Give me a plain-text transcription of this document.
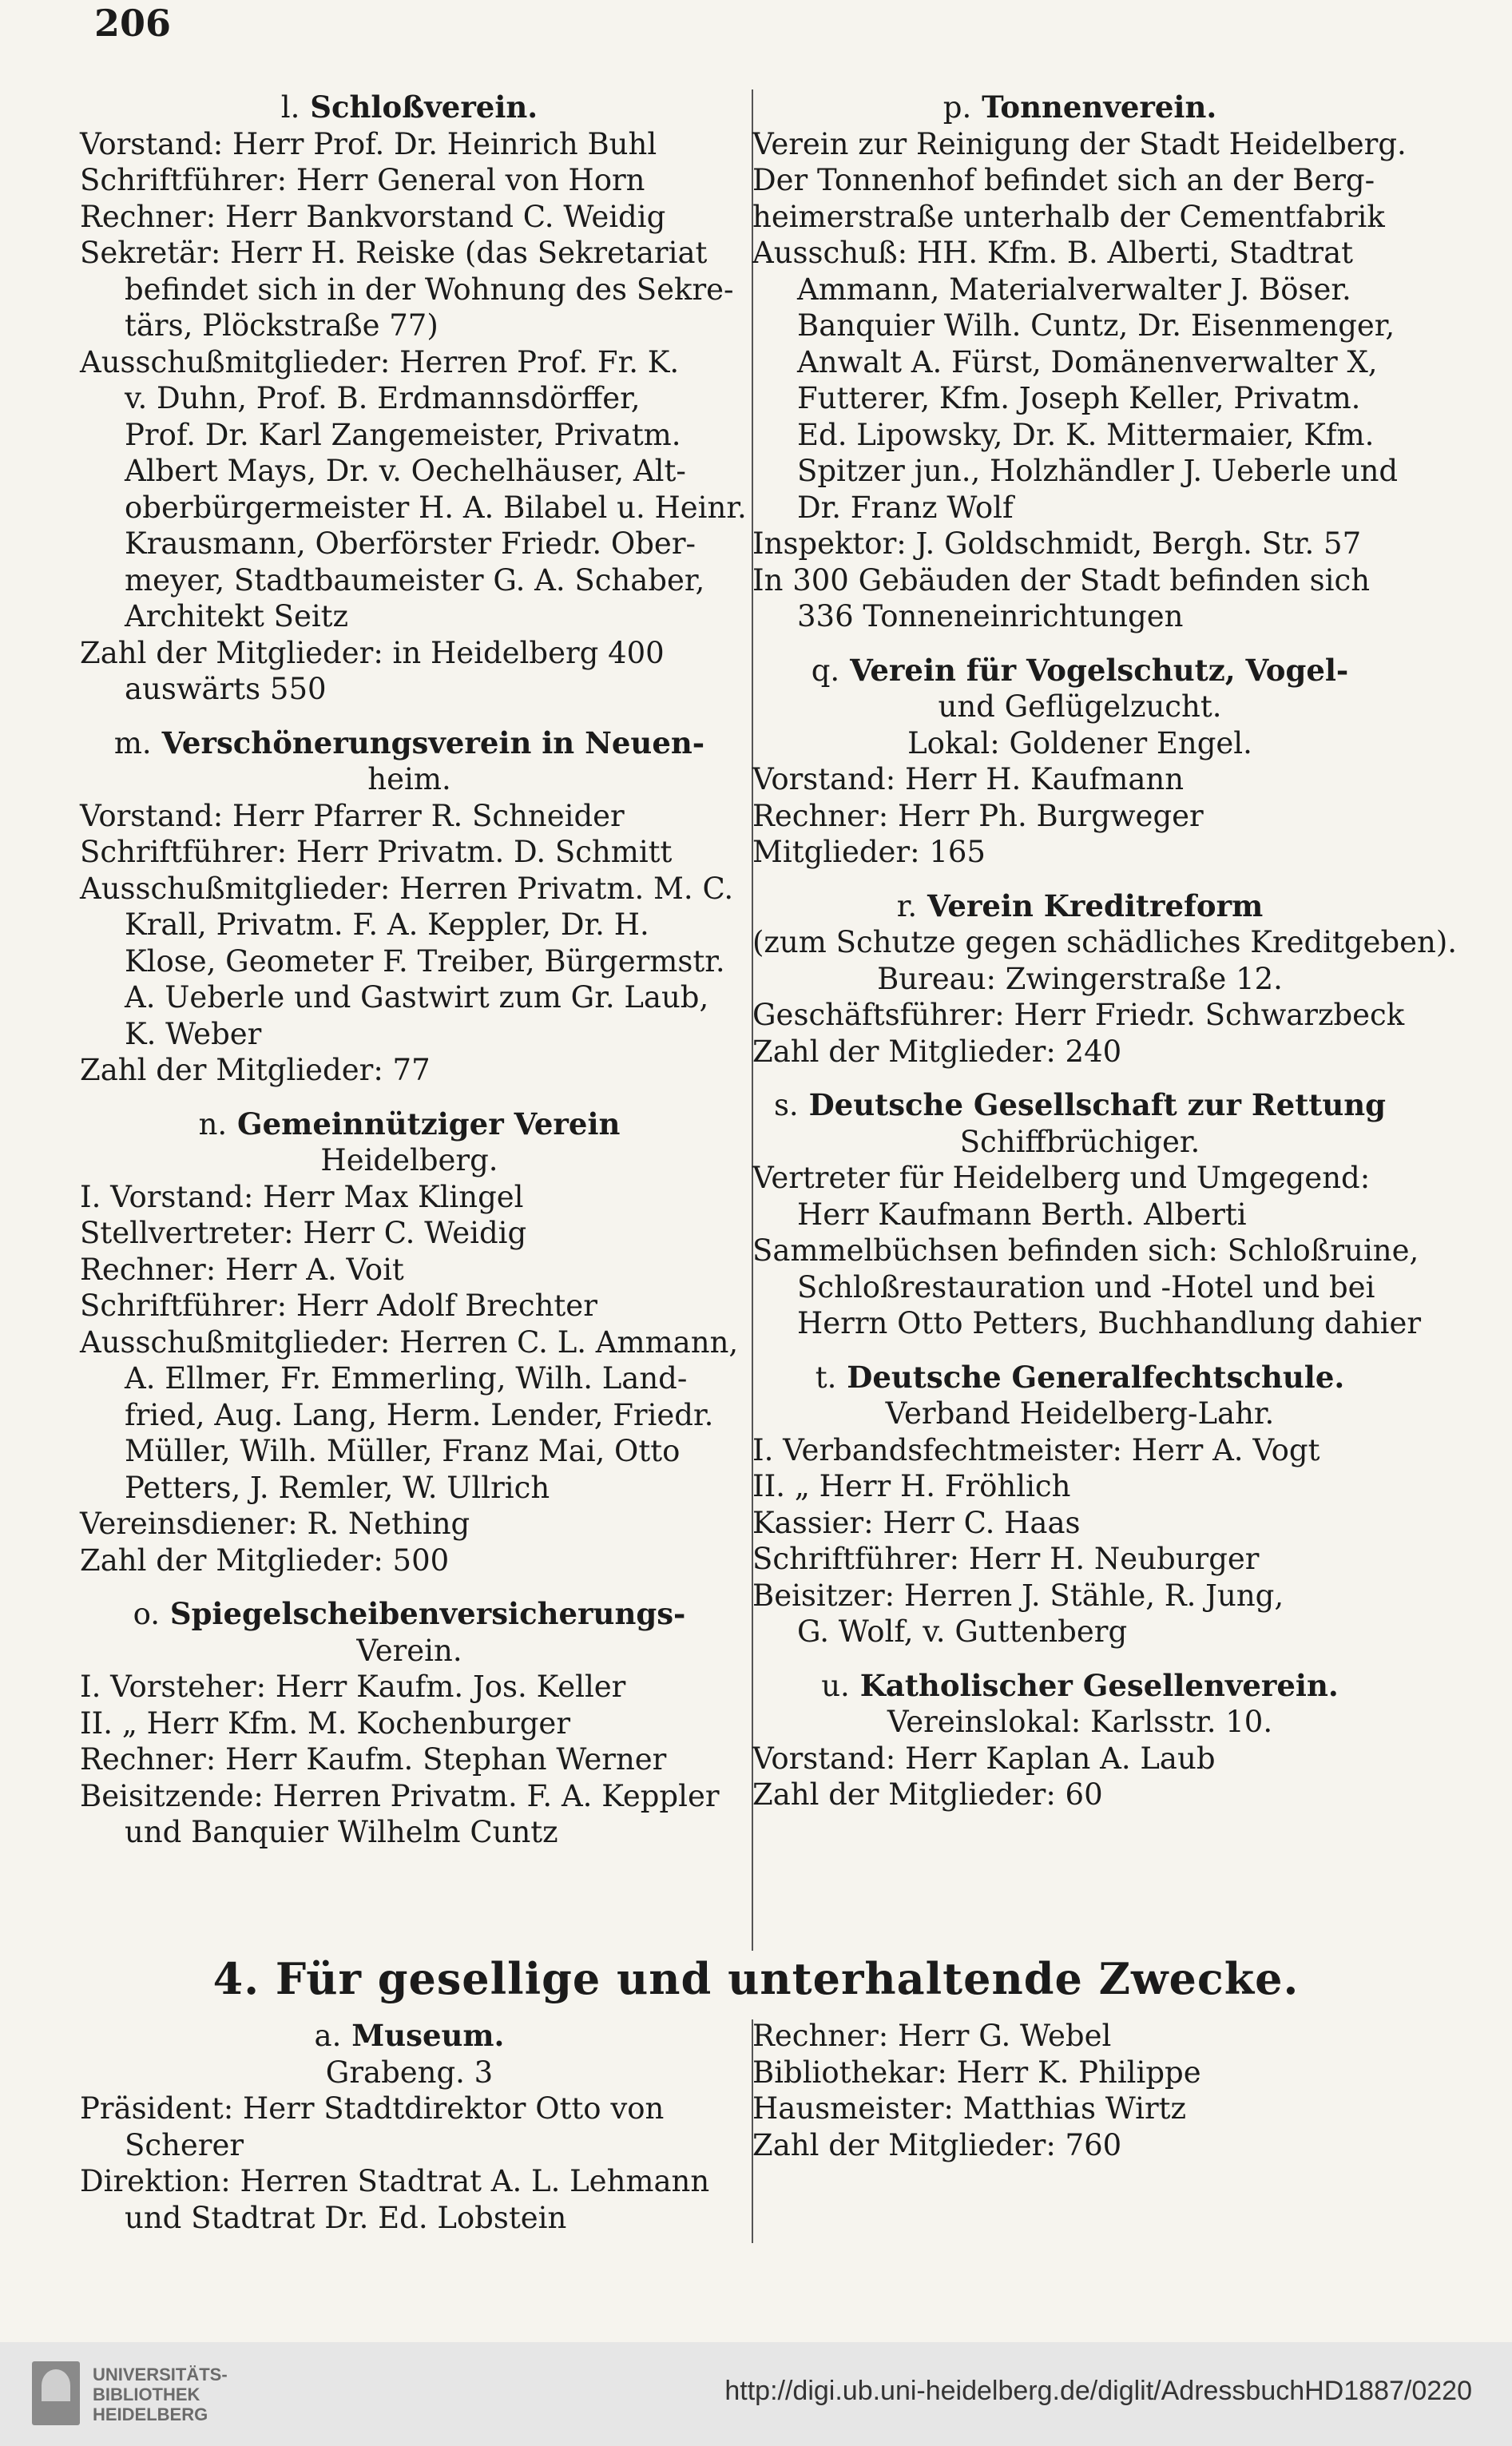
206
l. Schloßverein.
Vorstand: Herr Prof. Dr. Heinrich Buhl
Schriftführer: Herr General von Horn
Rechner: Herr Bankvorstand C. Weidig
Sekretär: Herr H. Reiske (das Sekretariat
befindet sich in der Wohnung des Sekre-
tärs, Plöckstraße 77)
Ausschußmitglieder: Herren Prof. Fr. K.
v. Duhn, Prof. B. Erdmannsdörffer,
Prof. Dr. Karl Zangemeister, Privatm.
Albert Mays, Dr. v. Oechelhäuser, Alt-
oberbürgermeister H. A. Bilabel u. Heinr.
Krausmann, Oberförster Friedr. Ober-
meyer, Stadtbaumeister G. A. Schaber,
Architekt Seitz
Zahl der Mitglieder: in Heidelberg 400
auswärts 550
m. Verschönerungsverein in Neuen-
heim.
Vorstand: Herr Pfarrer R. Schneider
Schriftführer: Herr Privatm. D. Schmitt
Ausschußmitglieder: Herren Privatm. M. C.
Krall, Privatm. F. A. Keppler, Dr. H.
Klose, Geometer F. Treiber, Bürgermstr.
A. Ueberle und Gastwirt zum Gr. Laub,
K. Weber
Zahl der Mitglieder: 77
n. Gemeinnütziger Verein
Heidelberg.
I. Vorstand: Herr Max Klingel
Stellvertreter: Herr C. Weidig
Rechner: Herr A. Voit
Schriftführer: Herr Adolf Brechter
Ausschußmitglieder: Herren C. L. Ammann,
A. Ellmer, Fr. Emmerling, Wilh. Land-
fried, Aug. Lang, Herm. Lender, Friedr.
Müller, Wilh. Müller, Franz Mai, Otto
Petters, J. Remler, W. Ullrich
Vereinsdiener: R. Nething
Zahl der Mitglieder: 500
o. Spiegelscheibenversicherungs-
Verein.
I. Vorsteher: Herr Kaufm. Jos. Keller
II. „ Herr Kfm. M. Kochenburger
Rechner: Herr Kaufm. Stephan Werner
Beisitzende: Herren Privatm. F. A. Keppler
und Banquier Wilhelm Cuntz
p. Tonnenverein.
Verein zur Reinigung der Stadt Heidelberg.
Der Tonnenhof befindet sich an der Berg-
heimerstraße unterhalb der Cementfabrik
Ausschuß: HH. Kfm. B. Alberti, Stadtrat
Ammann, Materialverwalter J. Böser.
Banquier Wilh. Cuntz, Dr. Eisenmenger,
Anwalt A. Fürst, Domänenverwalter X,
Futterer, Kfm. Joseph Keller, Privatm.
Ed. Lipowsky, Dr. K. Mittermaier, Kfm.
Spitzer jun., Holzhändler J. Ueberle und
Dr. Franz Wolf
Inspektor: J. Goldschmidt, Bergh. Str. 57
In 300 Gebäuden der Stadt befinden sich
336 Tonneneinrichtungen
q. Verein für Vogelschutz, Vogel-
und Geflügelzucht.
Lokal: Goldener Engel.
Vorstand: Herr H. Kaufmann
Rechner: Herr Ph. Burgweger
Mitglieder: 165
r. Verein Kreditreform
(zum Schutze gegen schädliches Kreditgeben).
Bureau: Zwingerstraße 12.
Geschäftsführer: Herr Friedr. Schwarzbeck
Zahl der Mitglieder: 240
s. Deutsche Gesellschaft zur Rettung
Schiffbrüchiger.
Vertreter für Heidelberg und Umgegend:
Herr Kaufmann Berth. Alberti
Sammelbüchsen befinden sich: Schloßruine,
Schloßrestauration und -Hotel und bei
Herrn Otto Petters, Buchhandlung dahier
t. Deutsche Generalfechtschule.
Verband Heidelberg-Lahr.
I. Verbandsfechtmeister: Herr A. Vogt
II. „ Herr H. Fröhlich
Kassier: Herr C. Haas
Schriftführer: Herr H. Neuburger
Beisitzer: Herren J. Stähle, R. Jung,
G. Wolf, v. Guttenberg
u. Katholischer Gesellenverein.
Vereinslokal: Karlsstr. 10.
Vorstand: Herr Kaplan A. Laub
Zahl der Mitglieder: 60
4. Für gesellige und unterhaltende Zwecke.
a. Museum.
Grabeng. 3
Präsident: Herr Stadtdirektor Otto von
Scherer
Direktion: Herren Stadtrat A. L. Lehmann
und Stadtrat Dr. Ed. Lobstein
Rechner: Herr G. Webel
Bibliothekar: Herr K. Philippe
Hausmeister: Matthias Wirtz
Zahl der Mitglieder: 760
UNIVERSITÄTS-
BIBLIOTHEK
HEIDELBERG
http://digi.ub.uni-heidelberg.de/diglit/AdressbuchHD1887/0220
